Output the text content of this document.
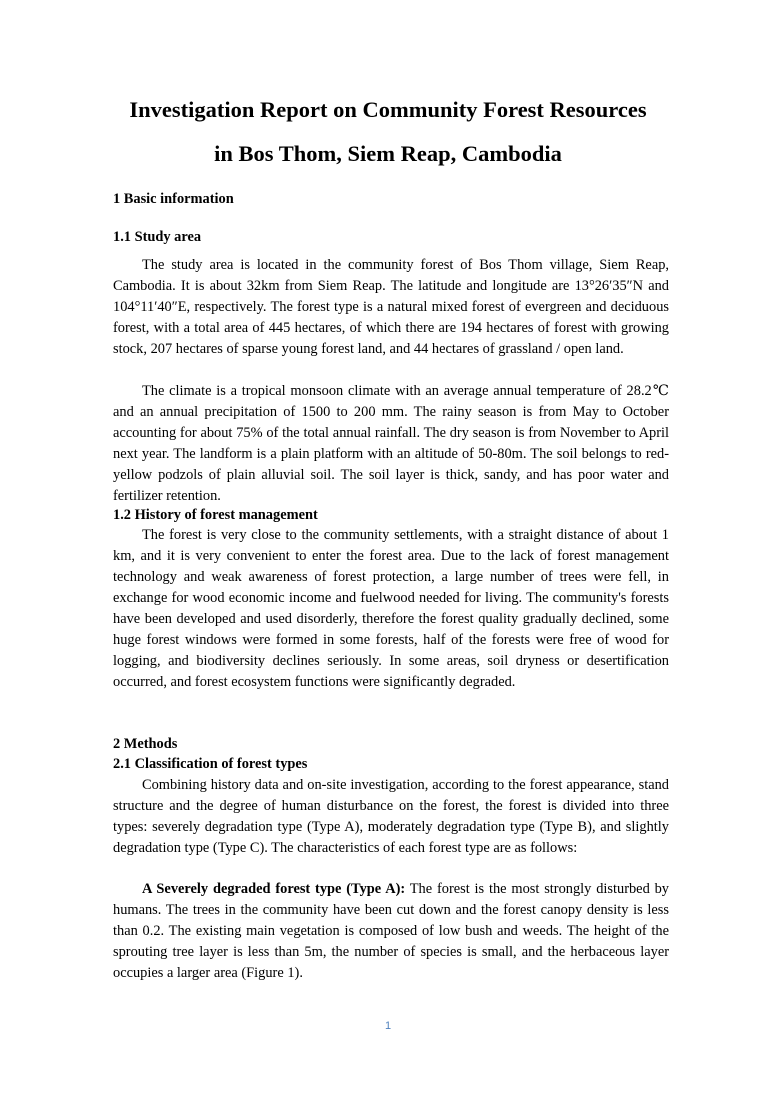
Investigation Report on Community Forest Resources
in Bos Thom, Siem Reap, Cambodia
1 Basic information
1.1 Study area

The study area is located in the community forest of Bos Thom village, Siem Reap, Cambodia. It is about 32km from Siem Reap. The latitude and longitude are 13°26′35″N and 104°11′40″E, respectively. The forest type is a natural mixed forest of evergreen and deciduous forest, with a total area of 445 hectares, of which there are 194 hectares of forest with growing stock, 207 hectares of sparse young forest land, and 44 hectares of grassland / open land.

The climate is a tropical monsoon climate with an average annual temperature of 28.2℃ and an annual precipitation of 1500 to 200 mm. The rainy season is from May to October accounting for about 75% of the total annual rainfall. The dry season is from November to April next year. The landform is a plain platform with an altitude of 50-80m. The soil belongs to red-yellow podzols of plain alluvial soil. The soil layer is thick, sandy, and has poor water and fertilizer retention.

1.2 History of forest management

The forest is very close to the community settlements, with a straight distance of about 1 km, and it is very convenient to enter the forest area. Due to the lack of forest management technology and weak awareness of forest protection, a large number of trees were fell, in exchange for wood economic income and fuelwood needed for living. The community's forests have been developed and used disorderly, therefore the forest quality gradually declined, some huge forest windows were formed in some forests, half of the forests were free of wood for logging, and biodiversity declines seriously. In some areas, soil dryness or desertification occurred, and forest ecosystem functions were significantly degraded.

2 Methods
2.1 Classification of forest types

Combining history data and on-site investigation, according to the forest appearance, stand structure and the degree of human disturbance on the forest, the forest is divided into three types: severely degradation type (Type A), moderately degradation type (Type B), and slightly degradation type (Type C). The characteristics of each forest type are as follows:

A Severely degraded forest type (Type A): The forest is the most strongly disturbed by humans. The trees in the community have been cut down and the forest canopy density is less than 0.2. The existing main vegetation is composed of low bush and weeds. The height of the sprouting tree layer is less than 5m, the number of species is small, and the herbaceous layer occupies a larger area (Figure 1).

1
